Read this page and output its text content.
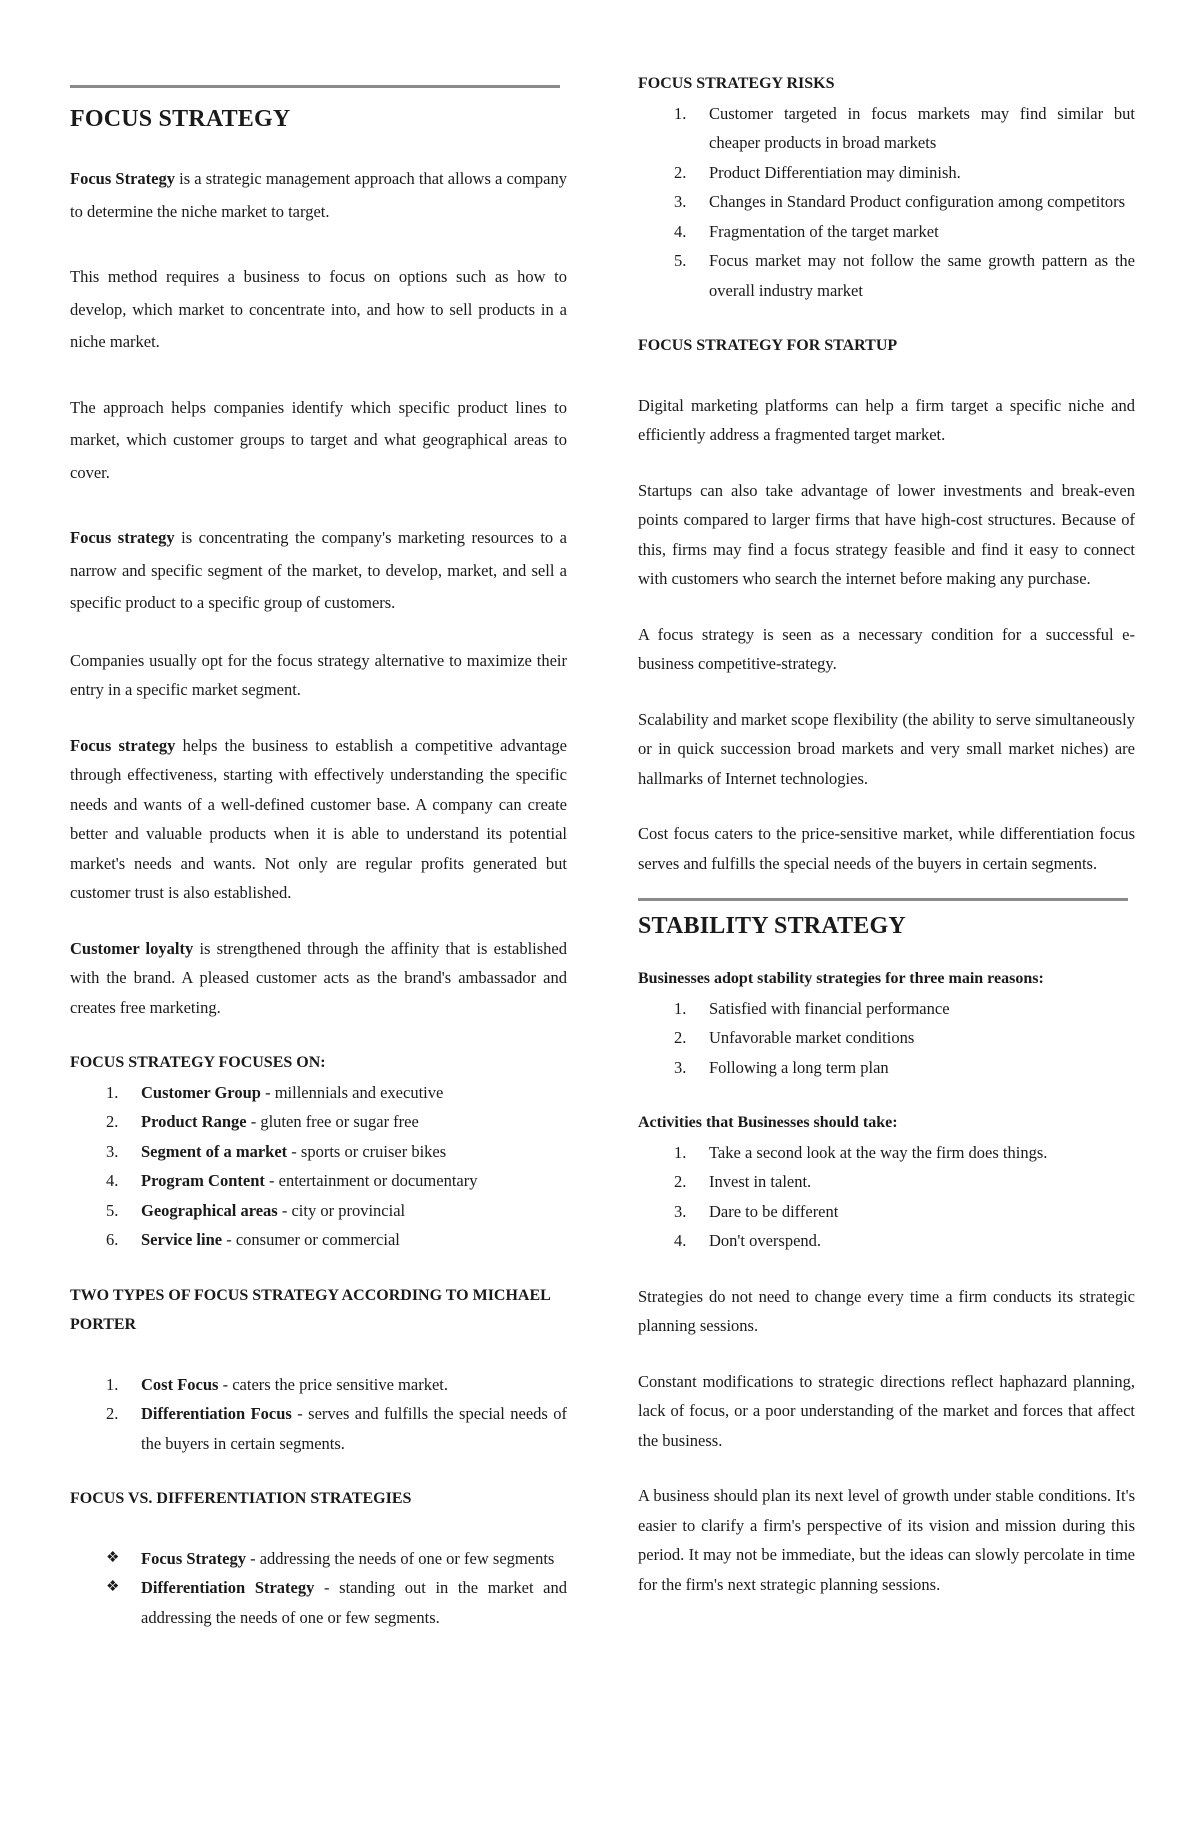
FOCUS STRATEGY

Focus Strategy is a strategic management approach that allows a company to determine the niche market to target.

This method requires a business to focus on options such as how to develop, which market to concentrate into, and how to sell products in a niche market.

The approach helps companies identify which specific product lines to market, which customer groups to target and what geographical areas to cover.

Focus strategy is concentrating the company's marketing resources to a narrow and specific segment of the market, to develop, market, and sell a specific product to a specific group of customers.

Companies usually opt for the focus strategy alternative to maximize their entry in a specific market segment.

Focus strategy helps the business to establish a competitive advantage through effectiveness, starting with effectively understanding the specific needs and wants of a well-defined customer base. A company can create better and valuable products when it is able to understand its potential market's needs and wants. Not only are regular profits generated but customer trust is also established.

Customer loyalty is strengthened through the affinity that is established with the brand. A pleased customer acts as the brand's ambassador and creates free marketing.

FOCUS STRATEGY FOCUSES ON:
1. Customer Group - millennials and executive
2. Product Range - gluten free or sugar free
3. Segment of a market - sports or cruiser bikes
4. Program Content - entertainment or documentary
5. Geographical areas - city or provincial
6. Service line - consumer or commercial
TWO TYPES OF FOCUS STRATEGY ACCORDING TO MICHAEL PORTER
1. Cost Focus - caters the price sensitive market.
2. Differentiation Focus - serves and fulfills the special needs of the buyers in certain segments.
FOCUS VS. DIFFERENTIATION STRATEGIES
❖ Focus Strategy - addressing the needs of one or few segments
❖ Differentiation Strategy - standing out in the market and addressing the needs of one or few segments.
FOCUS STRATEGY RISKS
1. Customer targeted in focus markets may find similar but cheaper products in broad markets
2. Product Differentiation may diminish.
3. Changes in Standard Product configuration among competitors
4. Fragmentation of the target market
5. Focus market may not follow the same growth pattern as the overall industry market
FOCUS STRATEGY FOR STARTUP

Digital marketing platforms can help a firm target a specific niche and efficiently address a fragmented target market.

Startups can also take advantage of lower investments and break-even points compared to larger firms that have high-cost structures. Because of this, firms may find a focus strategy feasible and find it easy to connect with customers who search the internet before making any purchase.

A focus strategy is seen as a necessary condition for a successful e-business competitive-strategy.

Scalability and market scope flexibility (the ability to serve simultaneously or in quick succession broad markets and very small market niches) are hallmarks of Internet technologies.

Cost focus caters to the price-sensitive market, while differentiation focus serves and fulfills the special needs of the buyers in certain segments.

STABILITY STRATEGY
Businesses adopt stability strategies for three main reasons:
1. Satisfied with financial performance
2. Unfavorable market conditions
3. Following a long term plan
Activities that Businesses should take:
1. Take a second look at the way the firm does things.
2. Invest in talent.
3. Dare to be different
4. Don't overspend.

Strategies do not need to change every time a firm conducts its strategic planning sessions.

Constant modifications to strategic directions reflect haphazard planning, lack of focus, or a poor understanding of the market and forces that affect the business.

A business should plan its next level of growth under stable conditions. It's easier to clarify a firm's perspective of its vision and mission during this period. It may not be immediate, but the ideas can slowly percolate in time for the firm's next strategic planning sessions.
